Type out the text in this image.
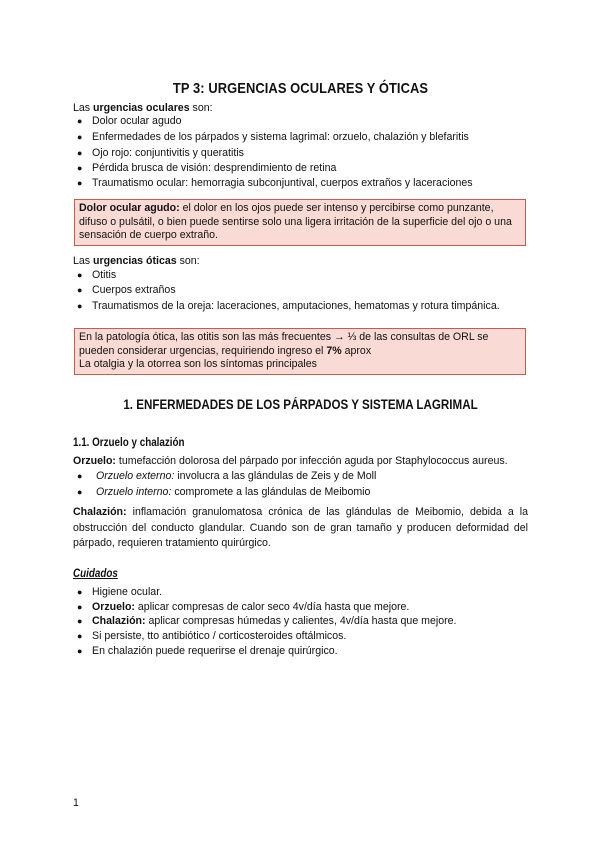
TP 3: URGENCIAS OCULARES Y ÓTICAS
Las urgencias oculares son:
● Dolor ocular agudo
● Enfermedades de los párpados y sistema lagrimal: orzuelo, chalazión y blefaritis
● Ojo rojo: conjuntivitis y queratitis
● Pérdida brusca de visión: desprendimiento de retina
● Traumatismo ocular: hemorragia subconjuntival, cuerpos extraños y laceraciones
Dolor ocular agudo: el dolor en los ojos puede ser intenso y percibirse como punzante, difuso o pulsátil, o bien puede sentirse solo una ligera irritación de la superficie del ojo o una sensación de cuerpo extraño.
Las urgencias óticas son:
● Otitis
● Cuerpos extraños
● Traumatismos de la oreja: laceraciones, amputaciones, hematomas y rotura timpánica.
En la patología ótica, las otitis son las más frecuentes → ⅓ de las consultas de ORL se
pueden considerar urgencias, requiriendo ingreso el 7% aprox
La otalgia y la otorrea son los síntomas principales
1. ENFERMEDADES DE LOS PÁRPADOS Y SISTEMA LAGRIMAL
1.1. Orzuelo y chalazión
Orzuelo: tumefacción dolorosa del párpado por infección aguda por Staphylococcus aureus.
● Orzuelo externo: involucra a las glándulas de Zeis y de Moll
● Orzuelo interno: compromete a las glándulas de Meibomio
Chalazión: inflamación granulomatosa crónica de las glándulas de Meibomio, debida a la obstrucción del conducto glandular. Cuando son de gran tamaño y producen deformidad del párpado, requieren tratamiento quirúrgico.
Cuidados
● Higiene ocular.
● Orzuelo: aplicar compresas de calor seco 4v/día hasta que mejore.
● Chalazión: aplicar compresas húmedas y calientes, 4v/día hasta que mejore.
● Si persiste, tto antibiótico / corticosteroides oftálmicos.
● En chalazión puede requerirse el drenaje quirúrgico.
1
